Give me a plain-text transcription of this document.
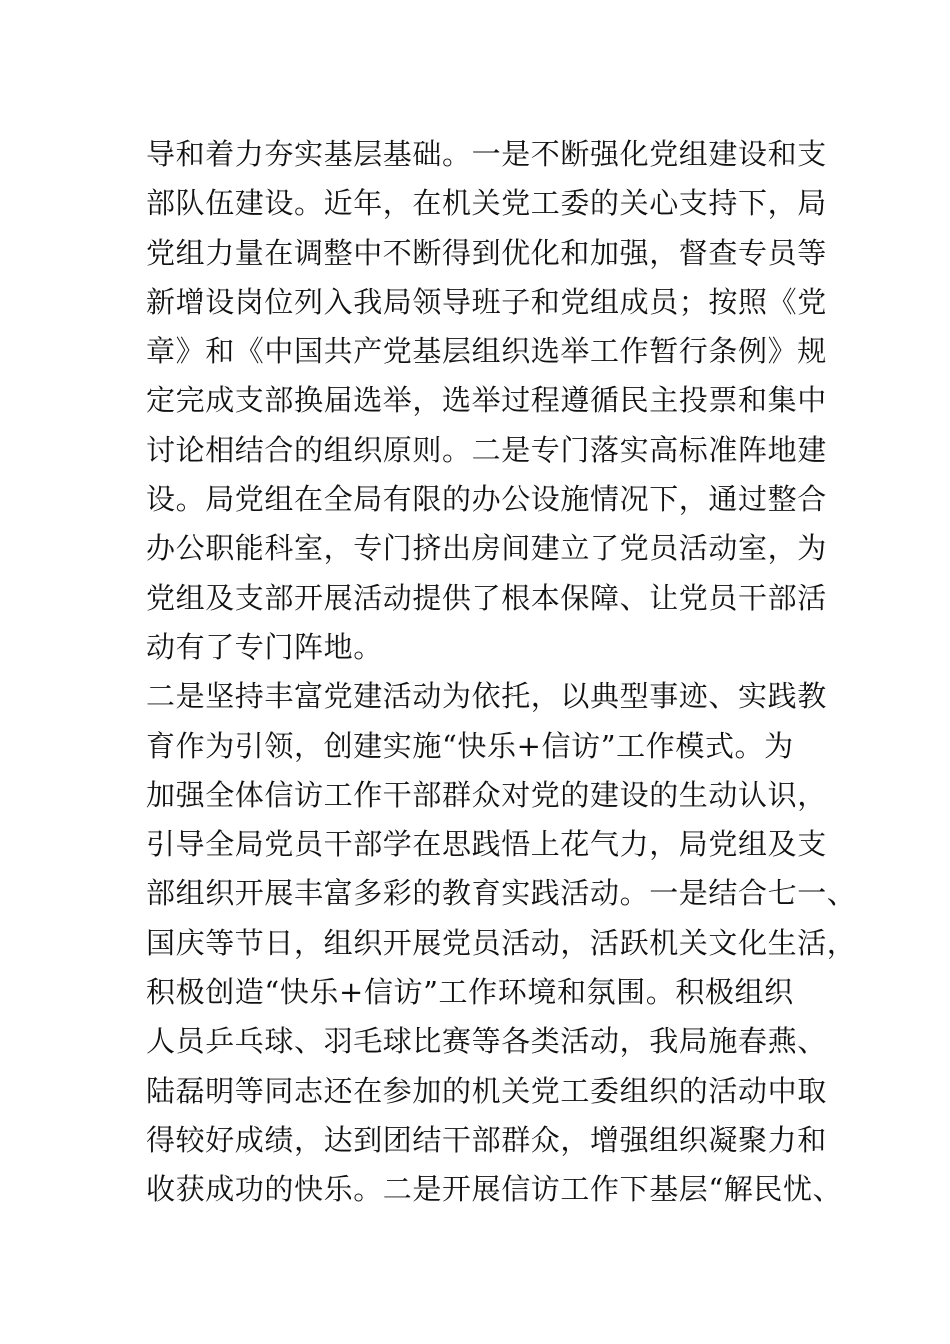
导和着力夯实基层基础。一是不断强化党组建设和支
部队伍建设。近年，在机关党工委的关心支持下，局
党组力量在调整中不断得到优化和加强，督查专员等
新增设岗位列入我局领导班子和党组成员；按照《党
章》和《中国共产党基层组织选举工作暂行条例》规
定完成支部换届选举，选举过程遵循民主投票和集中
讨论相结合的组织原则。二是专门落实高标准阵地建
设。局党组在全局有限的办公设施情况下，通过整合
办公职能科室，专门挤出房间建立了党员活动室，为
党组及支部开展活动提供了根本保障、让党员干部活
动有了专门阵地。
二是坚持丰富党建活动为依托，以典型事迹、实践教
育作为引领，创建实施“快乐+信访”工作模式。为
加强全体信访工作干部群众对党的建设的生动认识，
引导全局党员干部学在思践悟上花气力，局党组及支
部组织开展丰富多彩的教育实践活动。一是结合七一、
国庆等节日，组织开展党员活动，活跃机关文化生活，
积极创造“快乐+信访”工作环境和氛围。积极组织
人员乒乓球、羽毛球比赛等各类活动，我局施春燕、
陆磊明等同志还在参加的机关党工委组织的活动中取
得较好成绩，达到团结干部群众，增强组织凝聚力和
收获成功的快乐。二是开展信访工作下基层“解民忧、
